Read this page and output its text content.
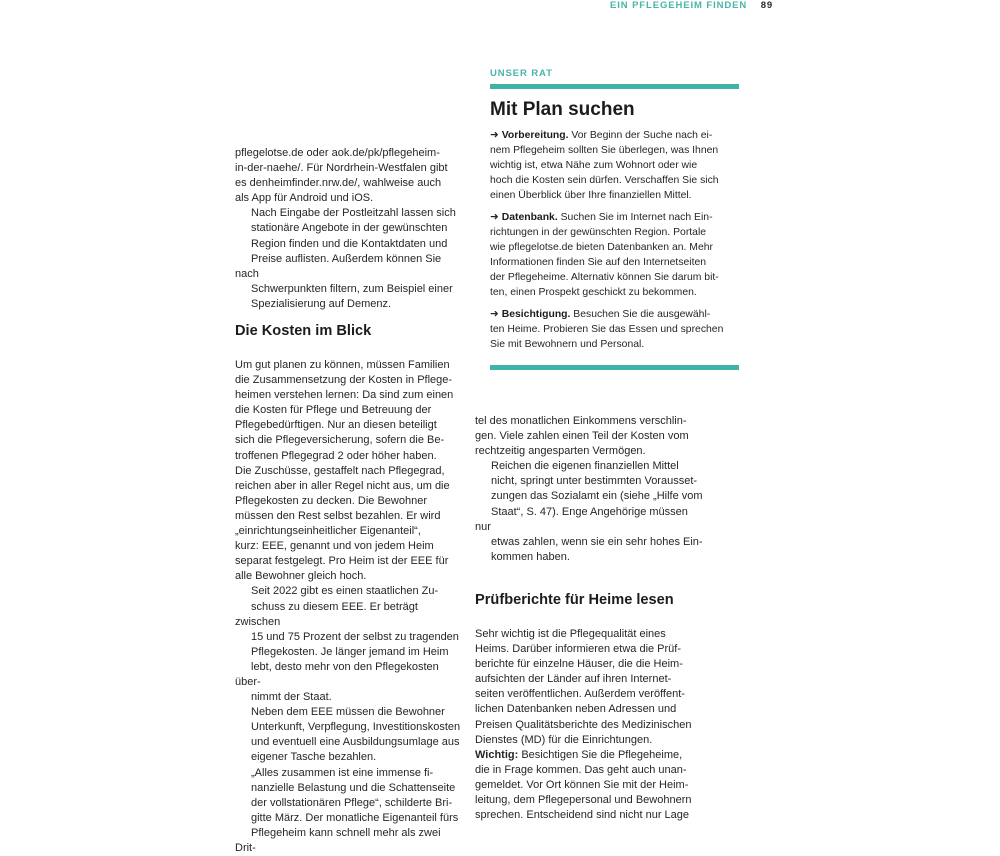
EIN PFLEGEHEIM FINDEN 89

pflegelotse.de oder aok.de/pk/pflegeheim-
in-der-naehe/. Für Nordrhein-Westfalen gibt
es denheimfinder.nrw.de/, wahlweise auch
als App für Android und iOS.

Nach Eingabe der Postleitzahl lassen sich
stationäre Angebote in der gewünschten
Region finden und die Kontaktdaten und
Preise auflisten. Außerdem können Sie nach
Schwerpunkten filtern, zum Beispiel einer
Spezialisierung auf Demenz.

Die Kosten im Blick

Um gut planen zu können, müssen Familien
die Zusammensetzung der Kosten in Pflege-
heimen verstehen lernen: Da sind zum einen
die Kosten für Pflege und Betreuung der
Pflegebedürftigen. Nur an diesen beteiligt
sich die Pflegeversicherung, sofern die Be-
troffenen Pflegegrad 2 oder höher haben.
Die Zuschüsse, gestaffelt nach Pflegegrad,
reichen aber in aller Regel nicht aus, um die
Pflegekosten zu decken. Die Bewohner
müssen den Rest selbst bezahlen. Er wird
„einrichtungseinheitlicher Eigenanteil“,
kurz: EEE, genannt und von jedem Heim
separat festgelegt. Pro Heim ist der EEE für
alle Bewohner gleich hoch.

Seit 2022 gibt es einen staatlichen Zu-
schuss zu diesem EEE. Er beträgt zwischen
15 und 75 Prozent der selbst zu tragenden
Pflegekosten. Je länger jemand im Heim
lebt, desto mehr von den Pflegekosten über-
nimmt der Staat.

Neben dem EEE müssen die Bewohner
Unterkunft, Verpflegung, Investitionskosten
und eventuell eine Ausbildungsumlage aus
eigener Tasche bezahlen.

„Alles zusammen ist eine immense fi-
nanzielle Belastung und die Schattenseite
der vollstationären Pflege“, schilderte Bri-
gitte März. Der monatliche Eigenanteil fürs
Pflegeheim kann schnell mehr als zwei Drit-

UNSER RAT
Mit Plan suchen
➜ Vorbereitung. Vor Beginn der Suche nach ei-
nem Pflegeheim sollten Sie überlegen, was Ihnen
wichtig ist, etwa Nähe zum Wohnort oder wie
hoch die Kosten sein dürfen. Verschaffen Sie sich
einen Überblick über Ihre finanziellen Mittel.
➜ Datenbank. Suchen Sie im Internet nach Ein-
richtungen in der gewünschten Region. Portale
wie pflegelotse.de bieten Datenbanken an. Mehr
Informationen finden Sie auf den Internetseiten
der Pflegeheime. Alternativ können Sie darum bit-
ten, einen Prospekt geschickt zu bekommen.
➜ Besichtigung. Besuchen Sie die ausgewähl-
ten Heime. Probieren Sie das Essen und sprechen
Sie mit Bewohnern und Personal.

tel des monatlichen Einkommens verschlin-
gen. Viele zahlen einen Teil der Kosten vom
rechtzeitig angesparten Vermögen.

Reichen die eigenen finanziellen Mittel
nicht, springt unter bestimmten Vorausset-
zungen das Sozialamt ein (siehe „Hilfe vom
Staat“, S. 47). Enge Angehörige müssen nur
etwas zahlen, wenn sie ein sehr hohes Ein-
kommen haben.

Prüfberichte für Heime lesen

Sehr wichtig ist die Pflegequalität eines
Heims. Darüber informieren etwa die Prüf-
berichte für einzelne Häuser, die die Heim-
aufsichten der Länder auf ihren Internet-
seiten veröffentlichen. Außerdem veröffent-
lichen Datenbanken neben Adressen und
Preisen Qualitätsberichte des Medizinischen
Dienstes (MD) für die Einrichtungen.

Wichtig: Besichtigen Sie die Pflegeheime,
die in Frage kommen. Das geht auch unan-
gemeldet. Vor Ort können Sie mit der Heim-
leitung, dem Pflegepersonal und Bewohnern
sprechen. Entscheidend sind nicht nur Lage
